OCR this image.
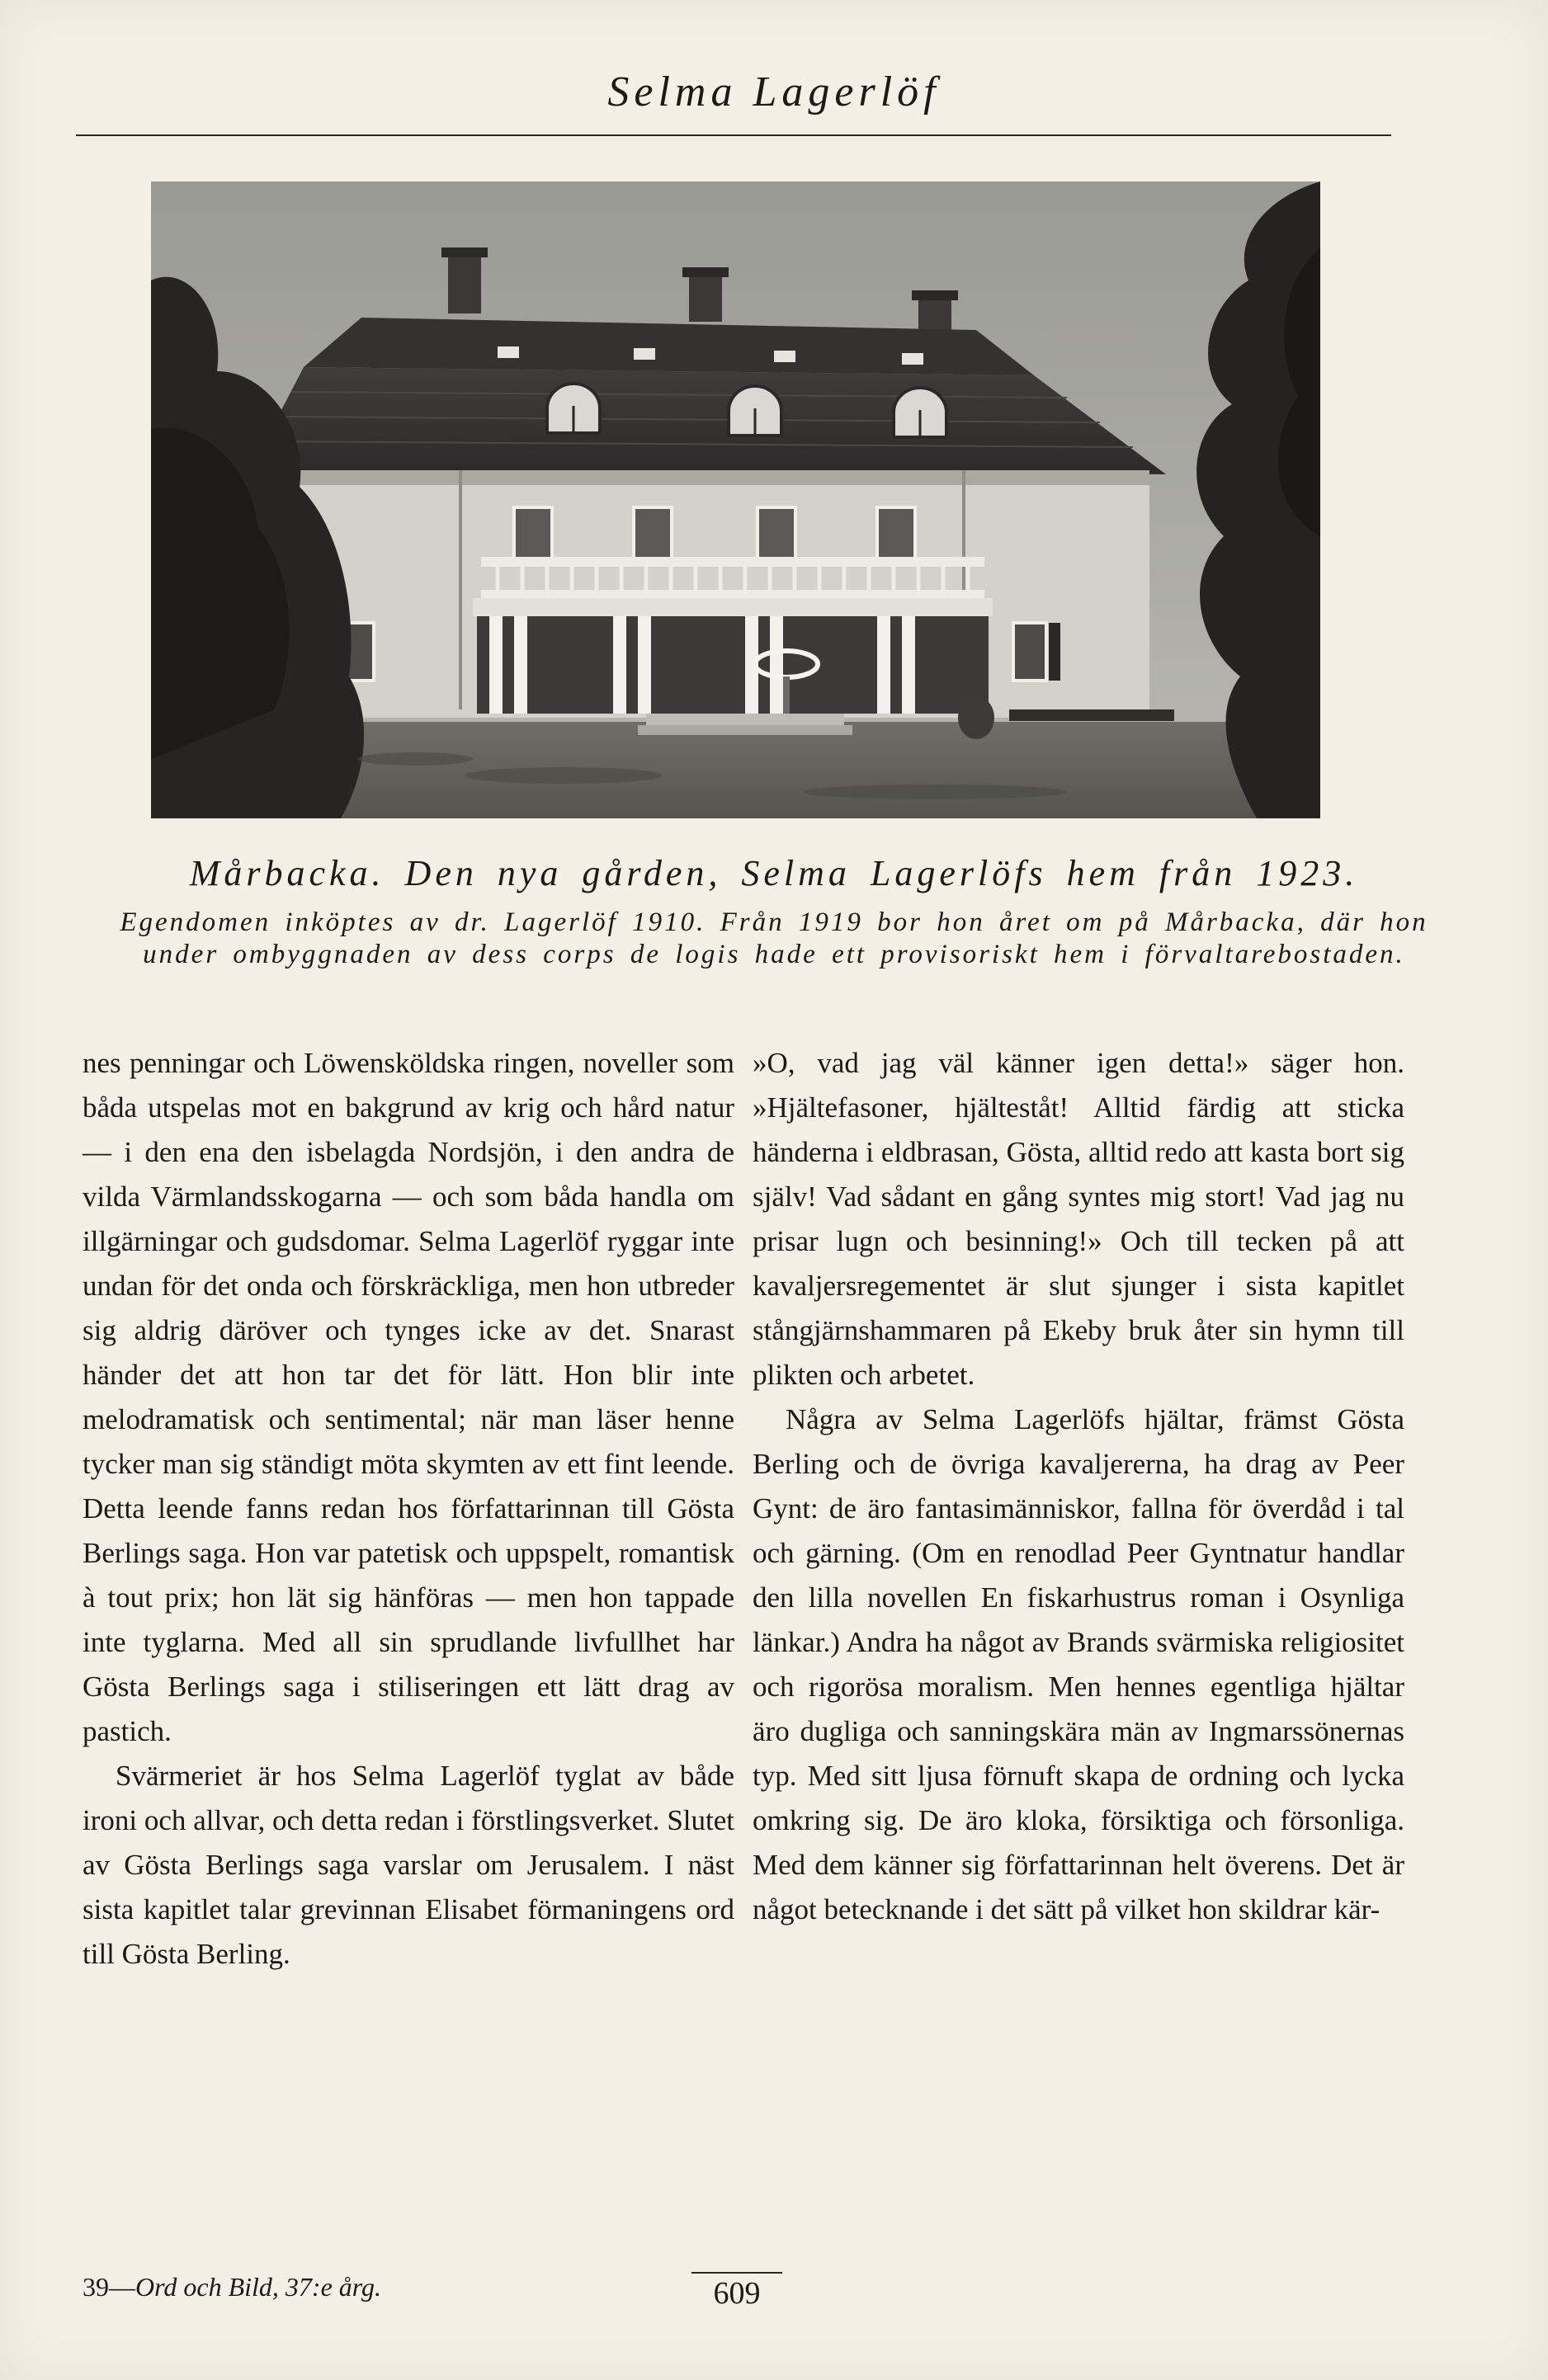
Selma Lagerlöf
Mårbacka. Den nya gården, Selma Lagerlöfs hem från 1923.
Egendomen inköptes av dr. Lagerlöf 1910. Från 1919 bor hon året om på Mårbacka, där hon under ombyggnaden av dess corps de logis hade ett provisoriskt hem i förvaltarebostaden.

nes penningar och Löwensköldska ringen, noveller som båda utspelas mot en bakgrund av krig och hård natur — i den ena den isbelagda Nordsjön, i den andra de vilda Värmlandsskogarna — och som båda handla om illgärningar och gudsdomar. Selma Lagerlöf ryggar inte undan för det onda och förskräckliga, men hon utbreder sig aldrig däröver och tynges icke av det. Snarast händer det att hon tar det för lätt. Hon blir inte melodramatisk och sentimental; när man läser henne tycker man sig ständigt möta skymten av ett fint leende. Detta leende fanns redan hos författarinnan till Gösta Berlings saga. Hon var patetisk och uppspelt, romantisk à tout prix; hon lät sig hänföras — men hon tappade inte tyglarna. Med all sin sprudlande livfullhet har Gösta Berlings saga i stiliseringen ett lätt drag av pastich.

Svärmeriet är hos Selma Lagerlöf tyglat av både ironi och allvar, och detta redan i förstlingsverket. Slutet av Gösta Berlings saga varslar om Jerusalem. I näst sista kapitlet talar grevinnan Elisabet förmaningens ord till Gösta Berling.

»O, vad jag väl känner igen detta!» säger hon. »Hjältefasoner, hjälteståt! Alltid färdig att sticka händerna i eldbrasan, Gösta, alltid redo att kasta bort sig själv! Vad sådant en gång syntes mig stort! Vad jag nu prisar lugn och besinning!» Och till tecken på att kavaljersregementet är slut sjunger i sista kapitlet stångjärnshammaren på Ekeby bruk åter sin hymn till plikten och arbetet.

Några av Selma Lagerlöfs hjältar, främst Gösta Berling och de övriga kavaljererna, ha drag av Peer Gynt: de äro fantasimänniskor, fallna för överdåd i tal och gärning. (Om en renodlad Peer Gyntnatur handlar den lilla novellen En fiskarhustrus roman i Osynliga länkar.) Andra ha något av Brands svärmiska religiositet och rigorösa moralism. Men hennes egentliga hjältar äro dugliga och sanningskära män av Ingmarssönernas typ. Med sitt ljusa förnuft skapa de ordning och lycka omkring sig. De äro kloka, försiktiga och försonliga. Med dem känner sig författarinnan helt överens. Det är något betecknande i det sätt på vilket hon skildrar kär-

39—Ord och Bild, 37:e årg.	609
